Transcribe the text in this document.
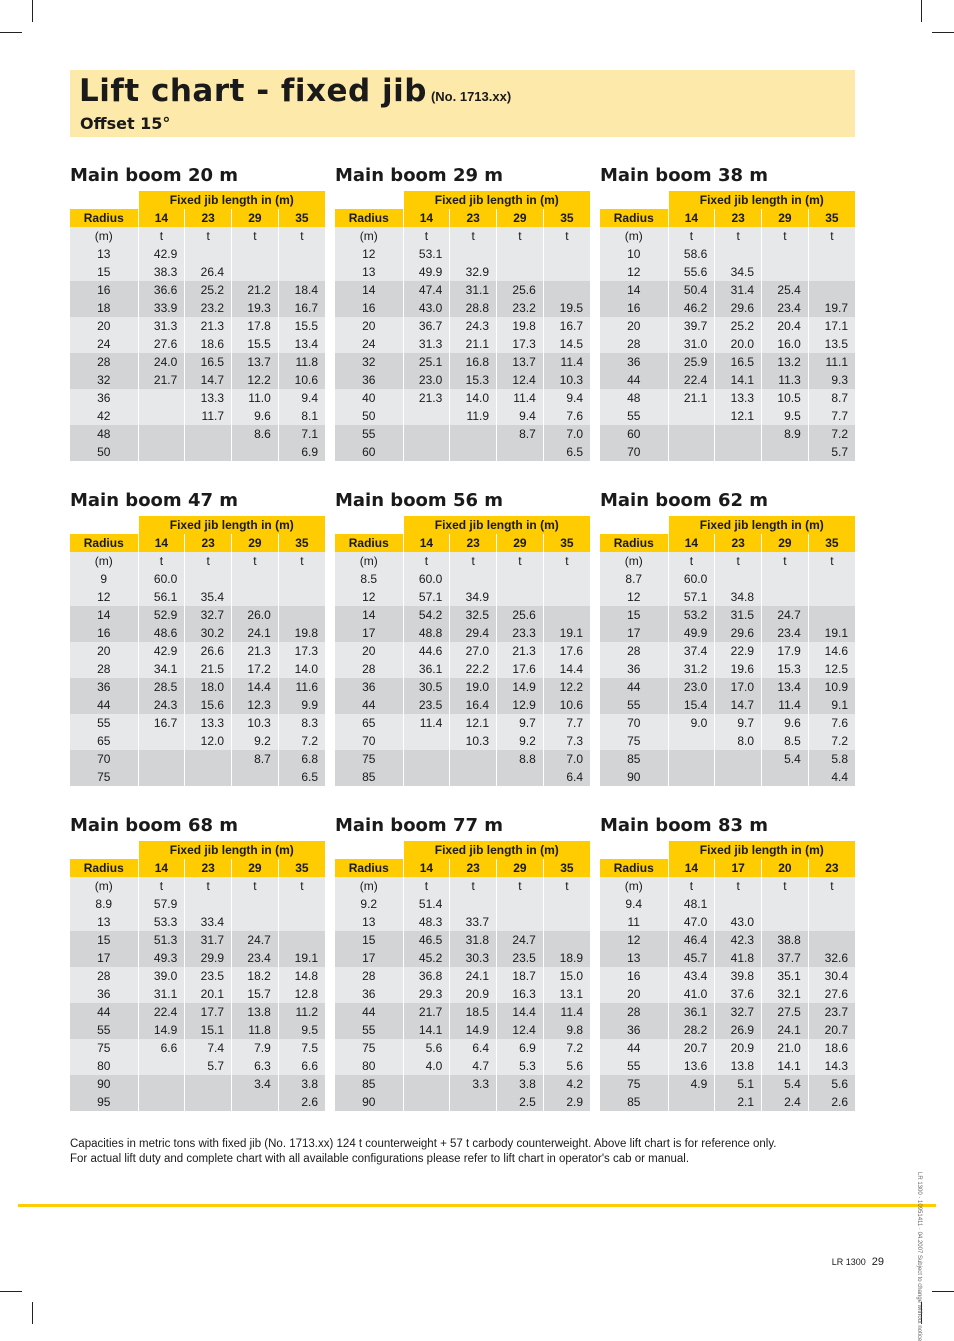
Lift chart - fixed jib (No. 1713.xx)
Offset 15°
Main boom 20 m
	Fixed jib length in (m)			
Radius	14	23	29	35
(m)	t	t	t	t
13	42.9			
15	38.3	26.4		
16	36.6	25.2	21.2	18.4
18	33.9	23.2	19.3	16.7
20	31.3	21.3	17.8	15.5
24	27.6	18.6	15.5	13.4
28	24.0	16.5	13.7	11.8
32	21.7	14.7	12.2	10.6
36		13.3	11.0	9.4
42		11.7	9.6	8.1
48			8.6	7.1
50				6.9
Main boom 29 m
	Fixed jib length in (m)			
Radius	14	23	29	35
(m)	t	t	t	t
12	53.1			
13	49.9	32.9		
14	47.4	31.1	25.6	
16	43.0	28.8	23.2	19.5
20	36.7	24.3	19.8	16.7
24	31.3	21.1	17.3	14.5
32	25.1	16.8	13.7	11.4
36	23.0	15.3	12.4	10.3
40	21.3	14.0	11.4	9.4
50		11.9	9.4	7.6
55			8.7	7.0
60				6.5
Main boom 38 m
	Fixed jib length in (m)			
Radius	14	23	29	35
(m)	t	t	t	t
10	58.6			
12	55.6	34.5		
14	50.4	31.4	25.4	
16	46.2	29.6	23.4	19.7
20	39.7	25.2	20.4	17.1
28	31.0	20.0	16.0	13.5
36	25.9	16.5	13.2	11.1
44	22.4	14.1	11.3	9.3
48	21.1	13.3	10.5	8.7
55		12.1	9.5	7.7
60			8.9	7.2
70				5.7
Main boom 47 m
	Fixed jib length in (m)			
Radius	14	23	29	35
(m)	t	t	t	t
9	60.0			
12	56.1	35.4		
14	52.9	32.7	26.0	
16	48.6	30.2	24.1	19.8
20	42.9	26.6	21.3	17.3
28	34.1	21.5	17.2	14.0
36	28.5	18.0	14.4	11.6
44	24.3	15.6	12.3	9.9
55	16.7	13.3	10.3	8.3
65		12.0	9.2	7.2
70			8.7	6.8
75				6.5
Main boom 56 m
	Fixed jib length in (m)			
Radius	14	23	29	35
(m)	t	t	t	t
8.5	60.0			
12	57.1	34.9		
14	54.2	32.5	25.6	
17	48.8	29.4	23.3	19.1
20	44.6	27.0	21.3	17.6
28	36.1	22.2	17.6	14.4
36	30.5	19.0	14.9	12.2
44	23.5	16.4	12.9	10.6
65	11.4	12.1	9.7	7.7
70		10.3	9.2	7.3
75			8.8	7.0
85				6.4
Main boom 62 m
	Fixed jib length in (m)			
Radius	14	23	29	35
(m)	t	t	t	t
8.7	60.0			
12	57.1	34.8		
15	53.2	31.5	24.7	
17	49.9	29.6	23.4	19.1
28	37.4	22.9	17.9	14.6
36	31.2	19.6	15.3	12.5
44	23.0	17.0	13.4	10.9
55	15.4	14.7	11.4	9.1
70	9.0	9.7	9.6	7.6
75		8.0	8.5	7.2
85			5.4	5.8
90				4.4
Main boom 68 m
	Fixed jib length in (m)			
Radius	14	23	29	35
(m)	t	t	t	t
8.9	57.9			
13	53.3	33.4		
15	51.3	31.7	24.7	
17	49.3	29.9	23.4	19.1
28	39.0	23.5	18.2	14.8
36	31.1	20.1	15.7	12.8
44	22.4	17.7	13.8	11.2
55	14.9	15.1	11.8	9.5
75	6.6	7.4	7.9	7.5
80		5.7	6.3	6.6
90			3.4	3.8
95				2.6
Main boom 77 m
	Fixed jib length in (m)			
Radius	14	23	29	35
(m)	t	t	t	t
9.2	51.4			
13	48.3	33.7		
15	46.5	31.8	24.7	
17	45.2	30.3	23.5	18.9
28	36.8	24.1	18.7	15.0
36	29.3	20.9	16.3	13.1
44	21.7	18.5	14.4	11.4
55	14.1	14.9	12.4	9.8
75	5.6	6.4	6.9	7.2
80	4.0	4.7	5.3	5.6
85		3.3	3.8	4.2
90			2.5	2.9
Main boom 83 m
	Fixed jib length in (m)			
Radius	14	17	20	23
(m)	t	t	t	t
9.4	48.1			
11	47.0	43.0		
12	46.4	42.3	38.8	
13	45.7	41.8	37.7	32.6
16	43.4	39.8	35.1	30.4
20	41.0	37.6	32.1	27.6
28	36.1	32.7	27.5	23.7
36	28.2	26.9	24.1	20.7
44	20.7	20.9	21.0	18.6
55	13.6	13.8	14.1	14.3
75	4.9	5.1	5.4	5.6
85		2.1	2.4	2.6
Capacities in metric tons with fixed jib (No. 1713.xx) 124 t counterweight + 57 t carbody counterweight. Above lift chart is for reference only.
For actual lift duty and complete chart with all available configurations please refer to lift chart in operator's cab or manual.
LR 1300 29	LR 1300 · 10951411 · 04.2007 Subject to change without notice
